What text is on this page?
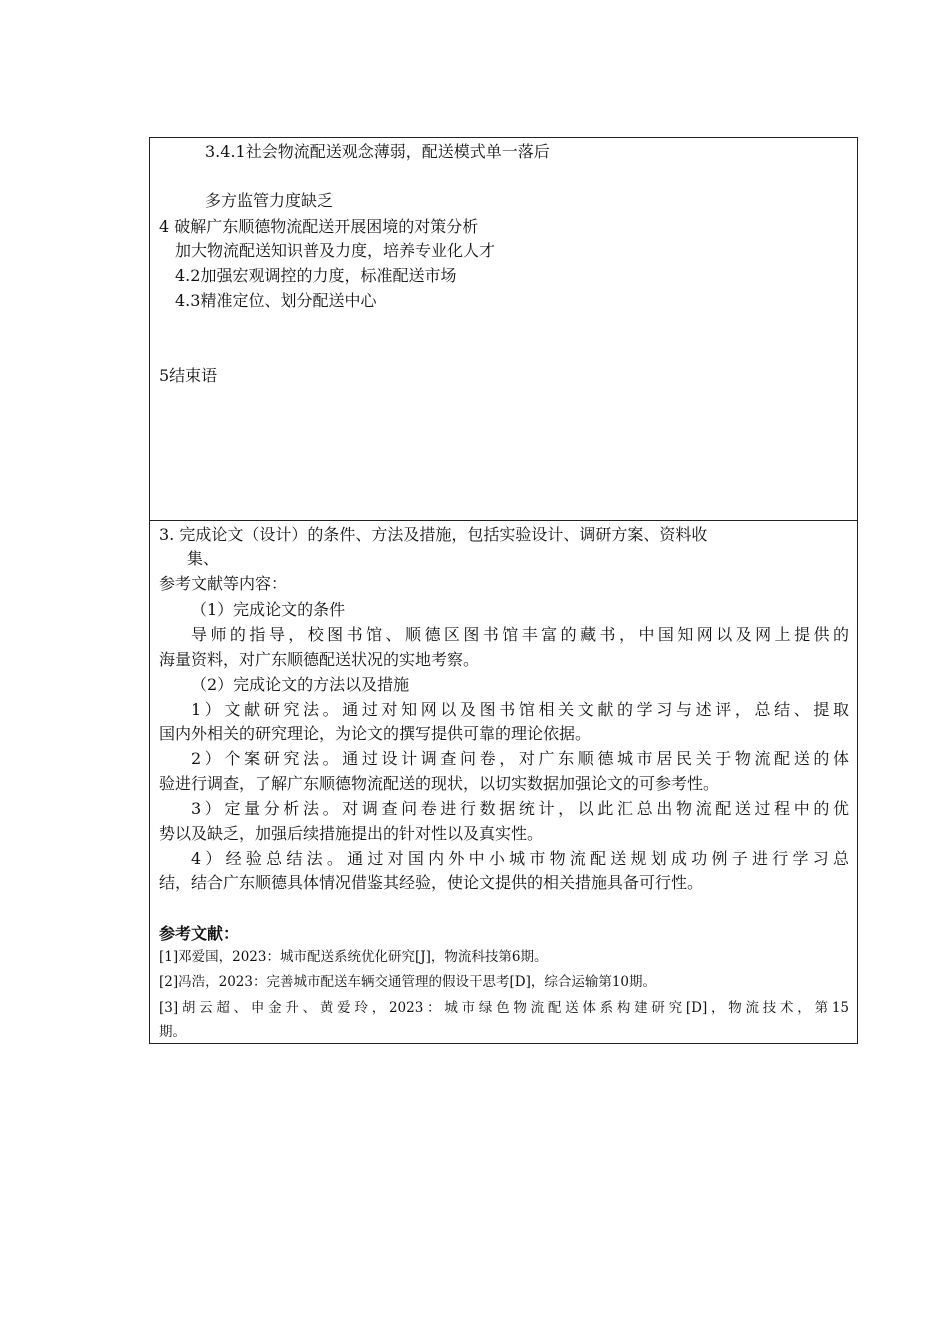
3.4.1社会物流配送观念薄弱，配送模式单一落后
多方监管力度缺乏
4 破解广东顺德物流配送开展困境的对策分析
加大物流配送知识普及力度，培养专业化人才
4.2加强宏观调控的力度，标准配送市场
4.3精准定位、划分配送中心
5结束语
3. 完成论文（设计）的条件、方法及措施，包括实验设计、调研方案、资料收
集、
参考文献等内容：
（1）完成论文的条件
导师的指导，校图书馆、顺德区图书馆丰富的藏书，中国知网以及网上提供的
海量资料，对广东顺德配送状况的实地考察。
（2）完成论文的方法以及措施
1）文献研究法。通过对知网以及图书馆相关文献的学习与述评，总结、提取
国内外相关的研究理论，为论文的撰写提供可靠的理论依据。
2）个案研究法。通过设计调查问卷，对广东顺德城市居民关于物流配送的体
验进行调查，了解广东顺德物流配送的现状，以切实数据加强论文的可参考性。
3）定量分析法。对调查问卷进行数据统计，以此汇总出物流配送过程中的优
势以及缺乏，加强后续措施提出的针对性以及真实性。
4）经验总结法。通过对国内外中小城市物流配送规划成功例子进行学习总
结，结合广东顺德具体情况借鉴其经验，使论文提供的相关措施具备可行性。
参考文献：
[1]邓爱国，2023：城市配送系统优化研究[J]，物流科技第6期。
[2]冯浩，2023：完善城市配送车辆交通管理的假设干思考[D]，综合运输第10期。
[3]胡云超、申金升、黄爱玲，2023：城市绿色物流配送体系构建研究[D]，物流技术，第15
期。
